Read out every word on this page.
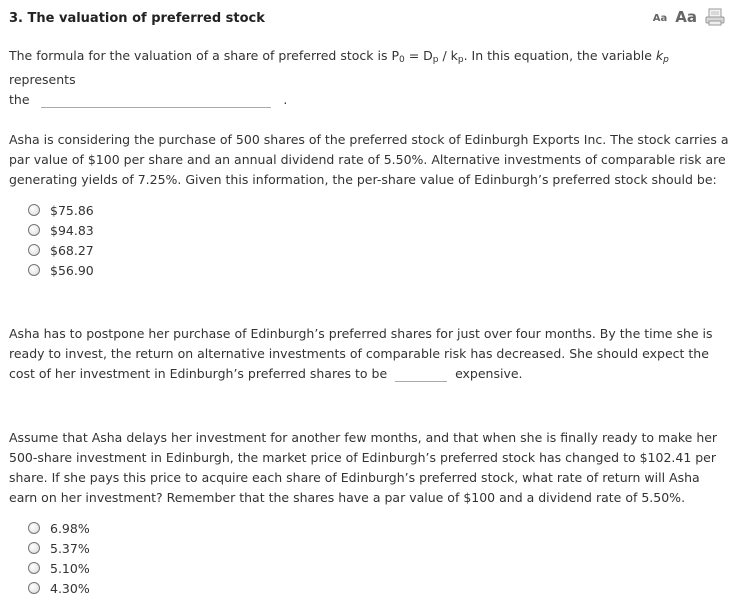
3. The valuation of preferred stock	Aa Aa

The formula for the valuation of a share of preferred stock is $P_0 = D_p / k_p$. In this equation, the variable $k_p$ represents
the	.

Asha is considering the purchase of 500 shares of the preferred stock of Edinburgh Exports Inc. The stock carries a par value of $100 per share and an annual dividend rate of 5.50%. Alternative investments of comparable risk are generating yields of 7.25%. Given this information, the per-share value of Edinburgh’s preferred stock should be:

$75.86
$94.83
$68.27
$56.90

Asha has to postpone her purchase of Edinburgh’s preferred shares for just over four months. By the time she is ready to invest, the return on alternative investments of comparable risk has decreased. She should expect the cost of her investment in Edinburgh’s preferred shares to be	expensive.

Assume that Asha delays her investment for another few months, and that when she is finally ready to make her 500-share investment in Edinburgh, the market price of Edinburgh’s preferred stock has changed to $102.41 per share. If she pays this price to acquire each share of Edinburgh’s preferred stock, what rate of return will Asha earn on her investment? Remember that the shares have a par value of $100 and a dividend rate of 5.50%.

6.98%
5.37%
5.10%
4.30%
